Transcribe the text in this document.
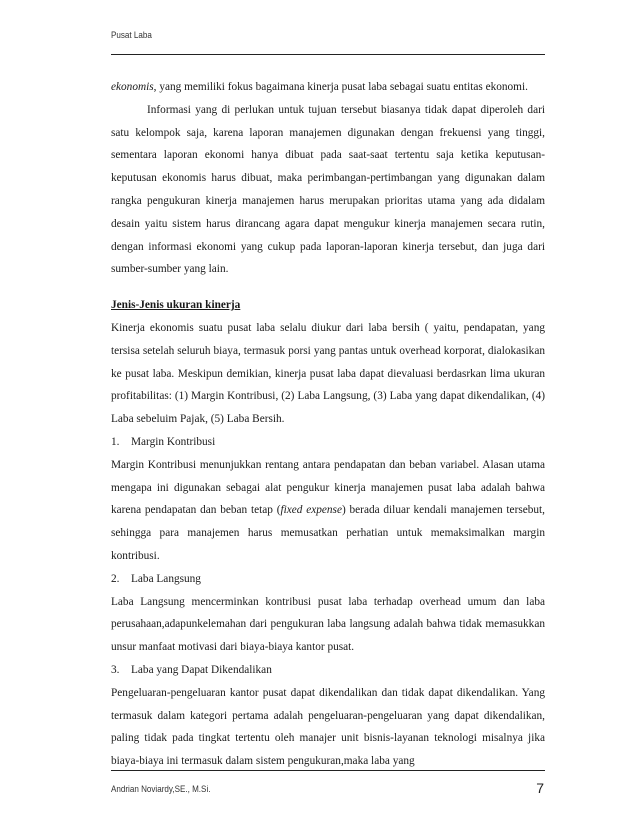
Pusat Laba

ekonomis, yang memiliki fokus bagaimana kinerja pusat laba sebagai suatu entitas ekonomi.

Informasi yang di perlukan untuk tujuan tersebut biasanya tidak dapat diperoleh dari satu kelompok saja, karena laporan manajemen digunakan dengan frekuensi yang tinggi, sementara laporan ekonomi hanya dibuat pada saat-saat tertentu saja ketika keputusan-keputusan ekonomis harus dibuat, maka perimbangan-pertimbangan yang digunakan dalam rangka pengukuran kinerja manajemen harus merupakan prioritas utama yang ada didalam desain yaitu sistem harus dirancang agara dapat mengukur kinerja manajemen secara rutin, dengan informasi ekonomi yang cukup pada laporan-laporan kinerja tersebut, dan juga dari sumber-sumber yang lain.

Jenis-Jenis ukuran kinerja

Kinerja ekonomis suatu pusat laba selalu diukur dari laba bersih ( yaitu, pendapatan, yang tersisa setelah seluruh biaya, termasuk porsi yang pantas untuk overhead korporat, dialokasikan ke pusat laba. Meskipun demikian, kinerja pusat laba dapat dievaluasi berdasrkan lima ukuran profitabilitas: (1) Margin Kontribusi, (2) Laba Langsung, (3) Laba yang dapat dikendalikan, (4) Laba sebeluim Pajak, (5) Laba Bersih.

1.	Margin Kontribusi

Margin Kontribusi menunjukkan rentang antara pendapatan dan beban variabel. Alasan utama mengapa ini digunakan sebagai alat pengukur kinerja manajemen pusat laba adalah bahwa karena pendapatan dan beban tetap (fixed expense) berada diluar kendali manajemen tersebut, sehingga para manajemen harus memusatkan perhatian untuk memaksimalkan margin kontribusi.

2.	Laba Langsung

Laba Langsung mencerminkan kontribusi pusat laba terhadap overhead umum dan laba perusahaan,adapunkelemahan dari pengukuran laba langsung adalah bahwa tidak memasukkan unsur manfaat motivasi dari biaya-biaya kantor pusat.

3.	Laba yang Dapat Dikendalikan

Pengeluaran-pengeluaran kantor pusat dapat dikendalikan dan tidak dapat dikendalikan. Yang termasuk dalam kategori pertama adalah pengeluaran-pengeluaran yang dapat dikendalikan, paling tidak pada tingkat tertentu oleh manajer unit bisnis-layanan teknologi misalnya jika biaya-biaya ini termasuk dalam sistem pengukuran,maka laba yang

Andrian Noviardy,SE., M.Si.	7
